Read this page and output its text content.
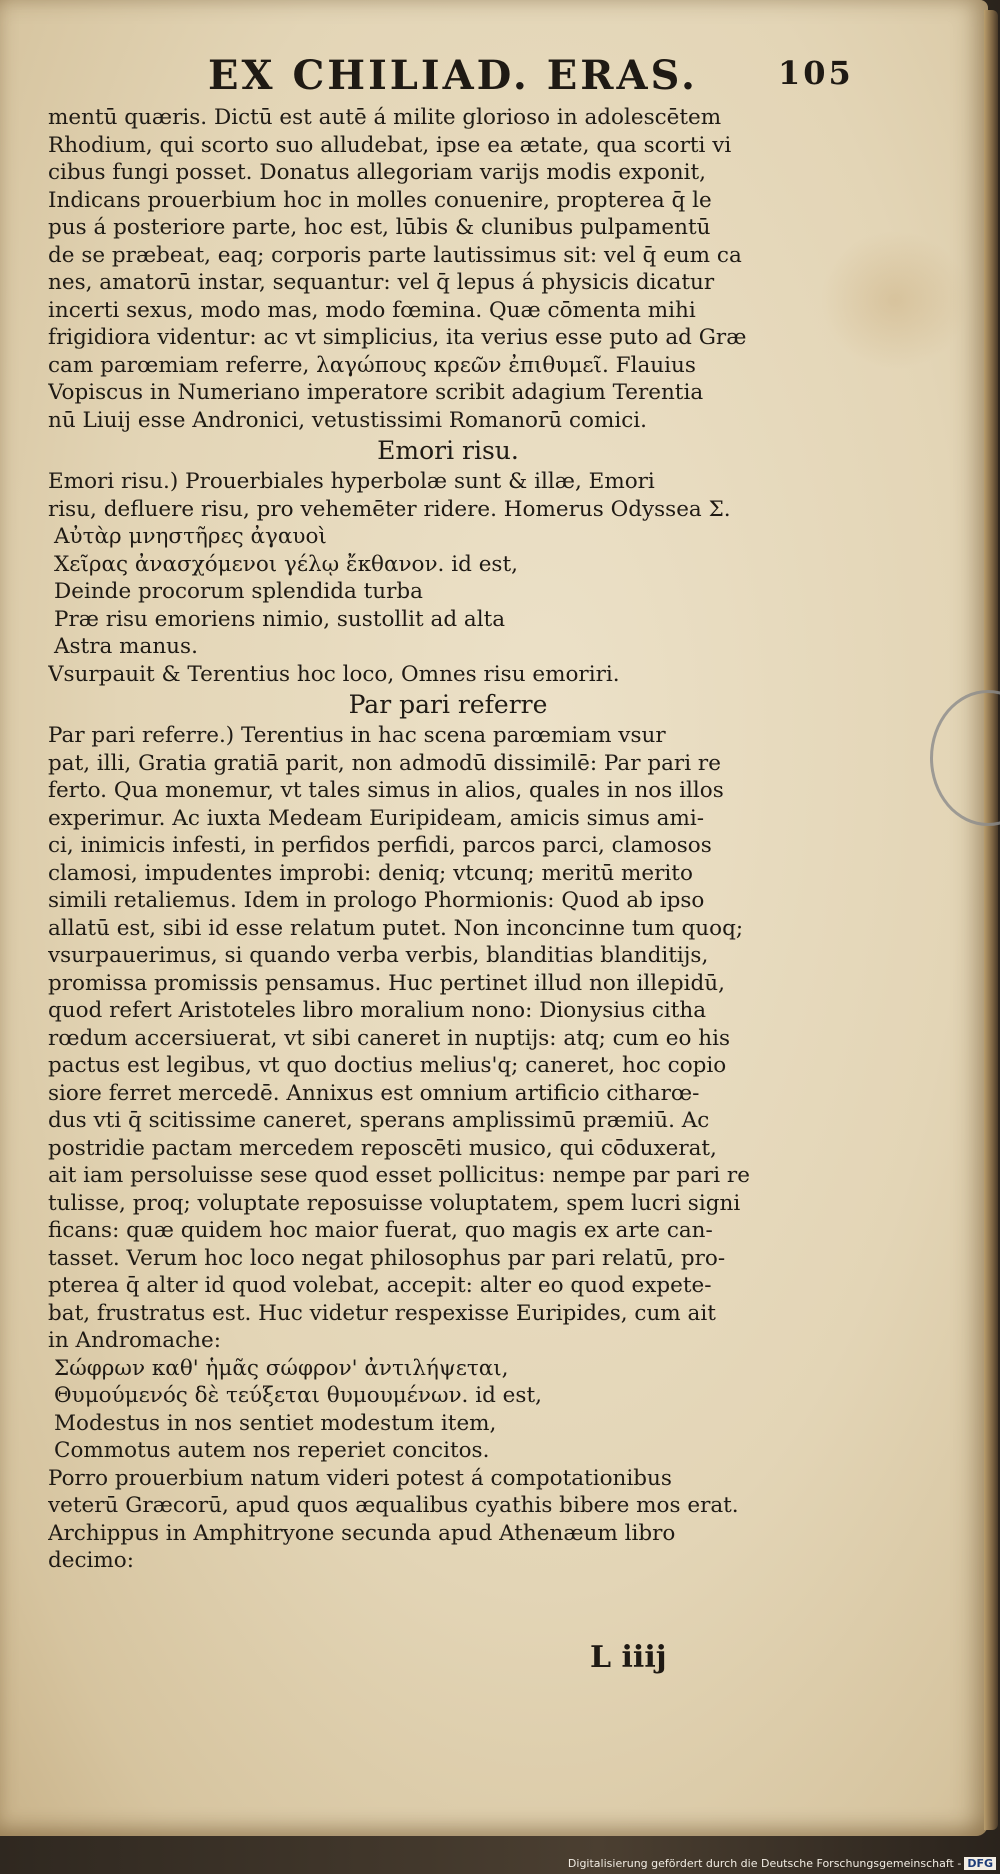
EX CHILIAD. ERAS.	105
mentū quæris. Dictū est autē á milite glorioso in adolescētem
Rhodium, qui scorto suo alludebat, ipse ea ætate, qua scorti vi
cibus fungi posset. Donatus allegoriam varijs modis exponit,
Indicans prouerbium hoc in molles conuenire, propterea q̄ le
pus á posteriore parte, hoc est, lūbis & clunibus pulpamentū
de se præbeat, eaq; corporis parte lautissimus sit: vel q̄ eum ca
nes, amatorū instar, sequantur: vel q̄ lepus á physicis dicatur
incerti sexus, modo mas, modo fœmina. Quæ cōmenta mihi
frigidiora videntur: ac vt simplicius, ita verius esse puto ad Græ
cam parœmiam referre, λαγώπους κρεῶν ἐπιθυμεῖ. Flauius
Vopiscus in Numeriano imperatore scribit adagium Terentia
nū Liuij esse Andronici, vetustissimi Romanorū comici.
Emori risu.
Emori risu.) Prouerbiales hyperbolæ sunt & illæ, Emori
risu, defluere risu, pro vehemēter ridere. Homerus Odyssea Σ.
Αὐτὰρ μνηστῆρες ἀγαυοὶ
Χεῖρας ἀνασχόμενοι γέλῳ ἔκθανον. id est,
Deinde procorum splendida turba
Præ risu emoriens nimio, sustollit ad alta
Astra manus.
Vsurpauit & Terentius hoc loco, Omnes risu emoriri.
Par pari referre
Par pari referre.) Terentius in hac scena parœmiam vsur
pat, illi, Gratia gratiā parit, non admodū dissimilē: Par pari re
ferto. Qua monemur, vt tales simus in alios, quales in nos illos
experimur. Ac iuxta Medeam Euripideam, amicis simus ami-
ci, inimicis infesti, in perfidos perfidi, parcos parci, clamosos
clamosi, impudentes improbi: deniq; vtcunq; meritū merito
simili retaliemus. Idem in prologo Phormionis: Quod ab ipso
allatū est, sibi id esse relatum putet. Non inconcinne tum quoq;
vsurpauerimus, si quando verba verbis, blanditias blanditijs,
promissa promissis pensamus. Huc pertinet illud non illepidū,
quod refert Aristoteles libro moralium nono: Dionysius citha
rœdum accersiuerat, vt sibi caneret in nuptijs: atq; cum eo his
pactus est legibus, vt quo doctius melius'q; caneret, hoc copio
siore ferret mercedē. Annixus est omnium artificio citharœ-
dus vti q̄ scitissime caneret, sperans amplissimū præmiū. Ac
postridie pactam mercedem reposcēti musico, qui cōduxerat,
ait iam persoluisse sese quod esset pollicitus: nempe par pari re
tulisse, proq; voluptate reposuisse voluptatem, spem lucri signi
ficans: quæ quidem hoc maior fuerat, quo magis ex arte can-
tasset. Verum hoc loco negat philosophus par pari relatū, pro-
pterea q̄ alter id quod volebat, accepit: alter eo quod expete-
bat, frustratus est. Huc videtur respexisse Euripides, cum ait
in Andromache:
Σώφρων καθ' ἡμᾶς σώφρον' ἀντιλήψεται,
Θυμούμενός δὲ τεύξεται θυμουμένων. id est,
Modestus in nos sentiet modestum item,
Commotus autem nos reperiet concitos.
Porro prouerbium natum videri potest á compotationibus
veterū Græcorū, apud quos æqualibus cyathis bibere mos erat.
Archippus in Amphitryone secunda apud Athenæum libro
decimo:
L iiij
Digitalisierung gefördert durch die Deutsche Forschungsgemeinschaft - DFG
